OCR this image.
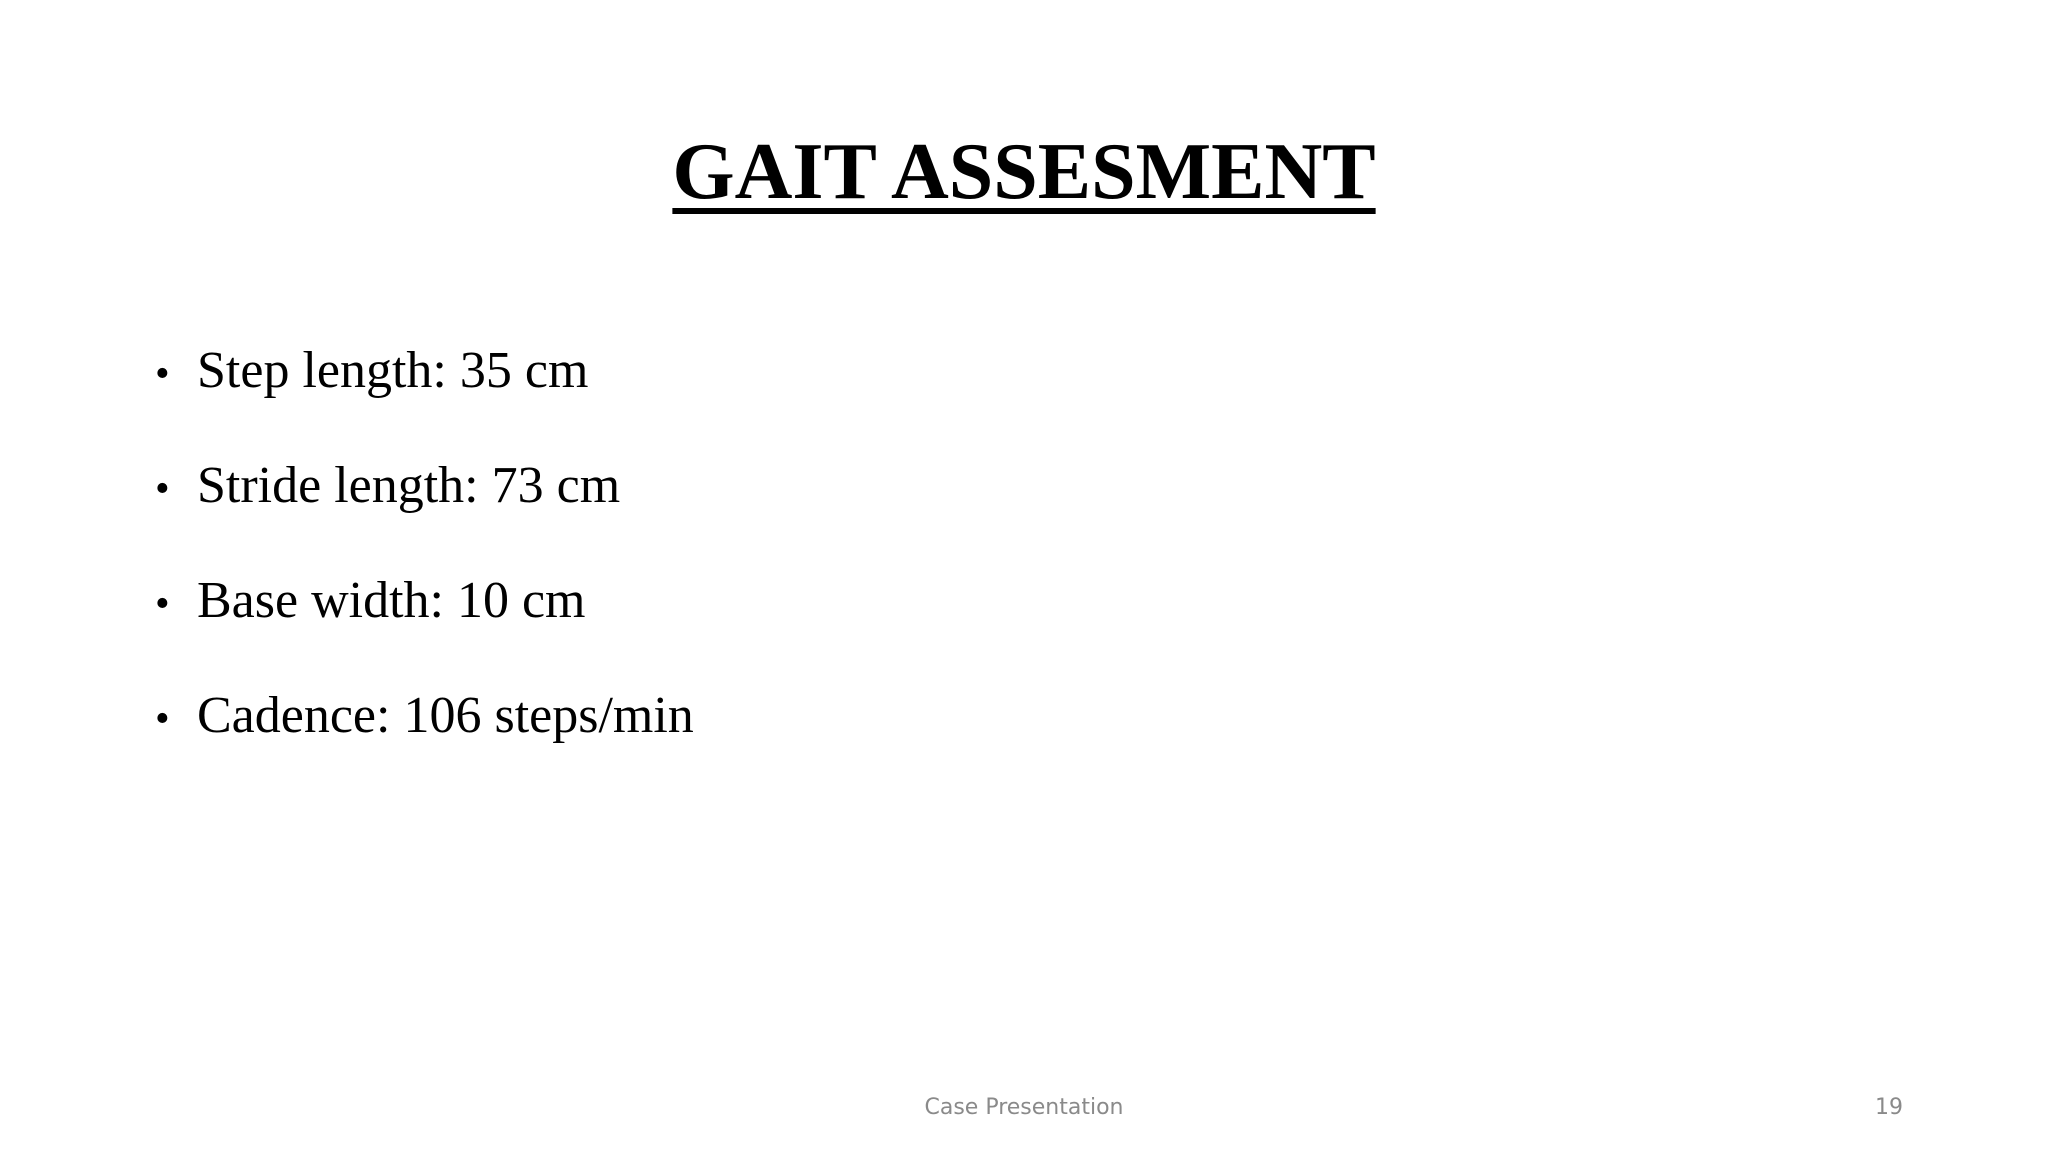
GAIT ASSESMENT
• Step length: 35 cm
• Stride length: 73 cm
• Base width: 10 cm
• Cadence: 106 steps/min
Case Presentation	19
